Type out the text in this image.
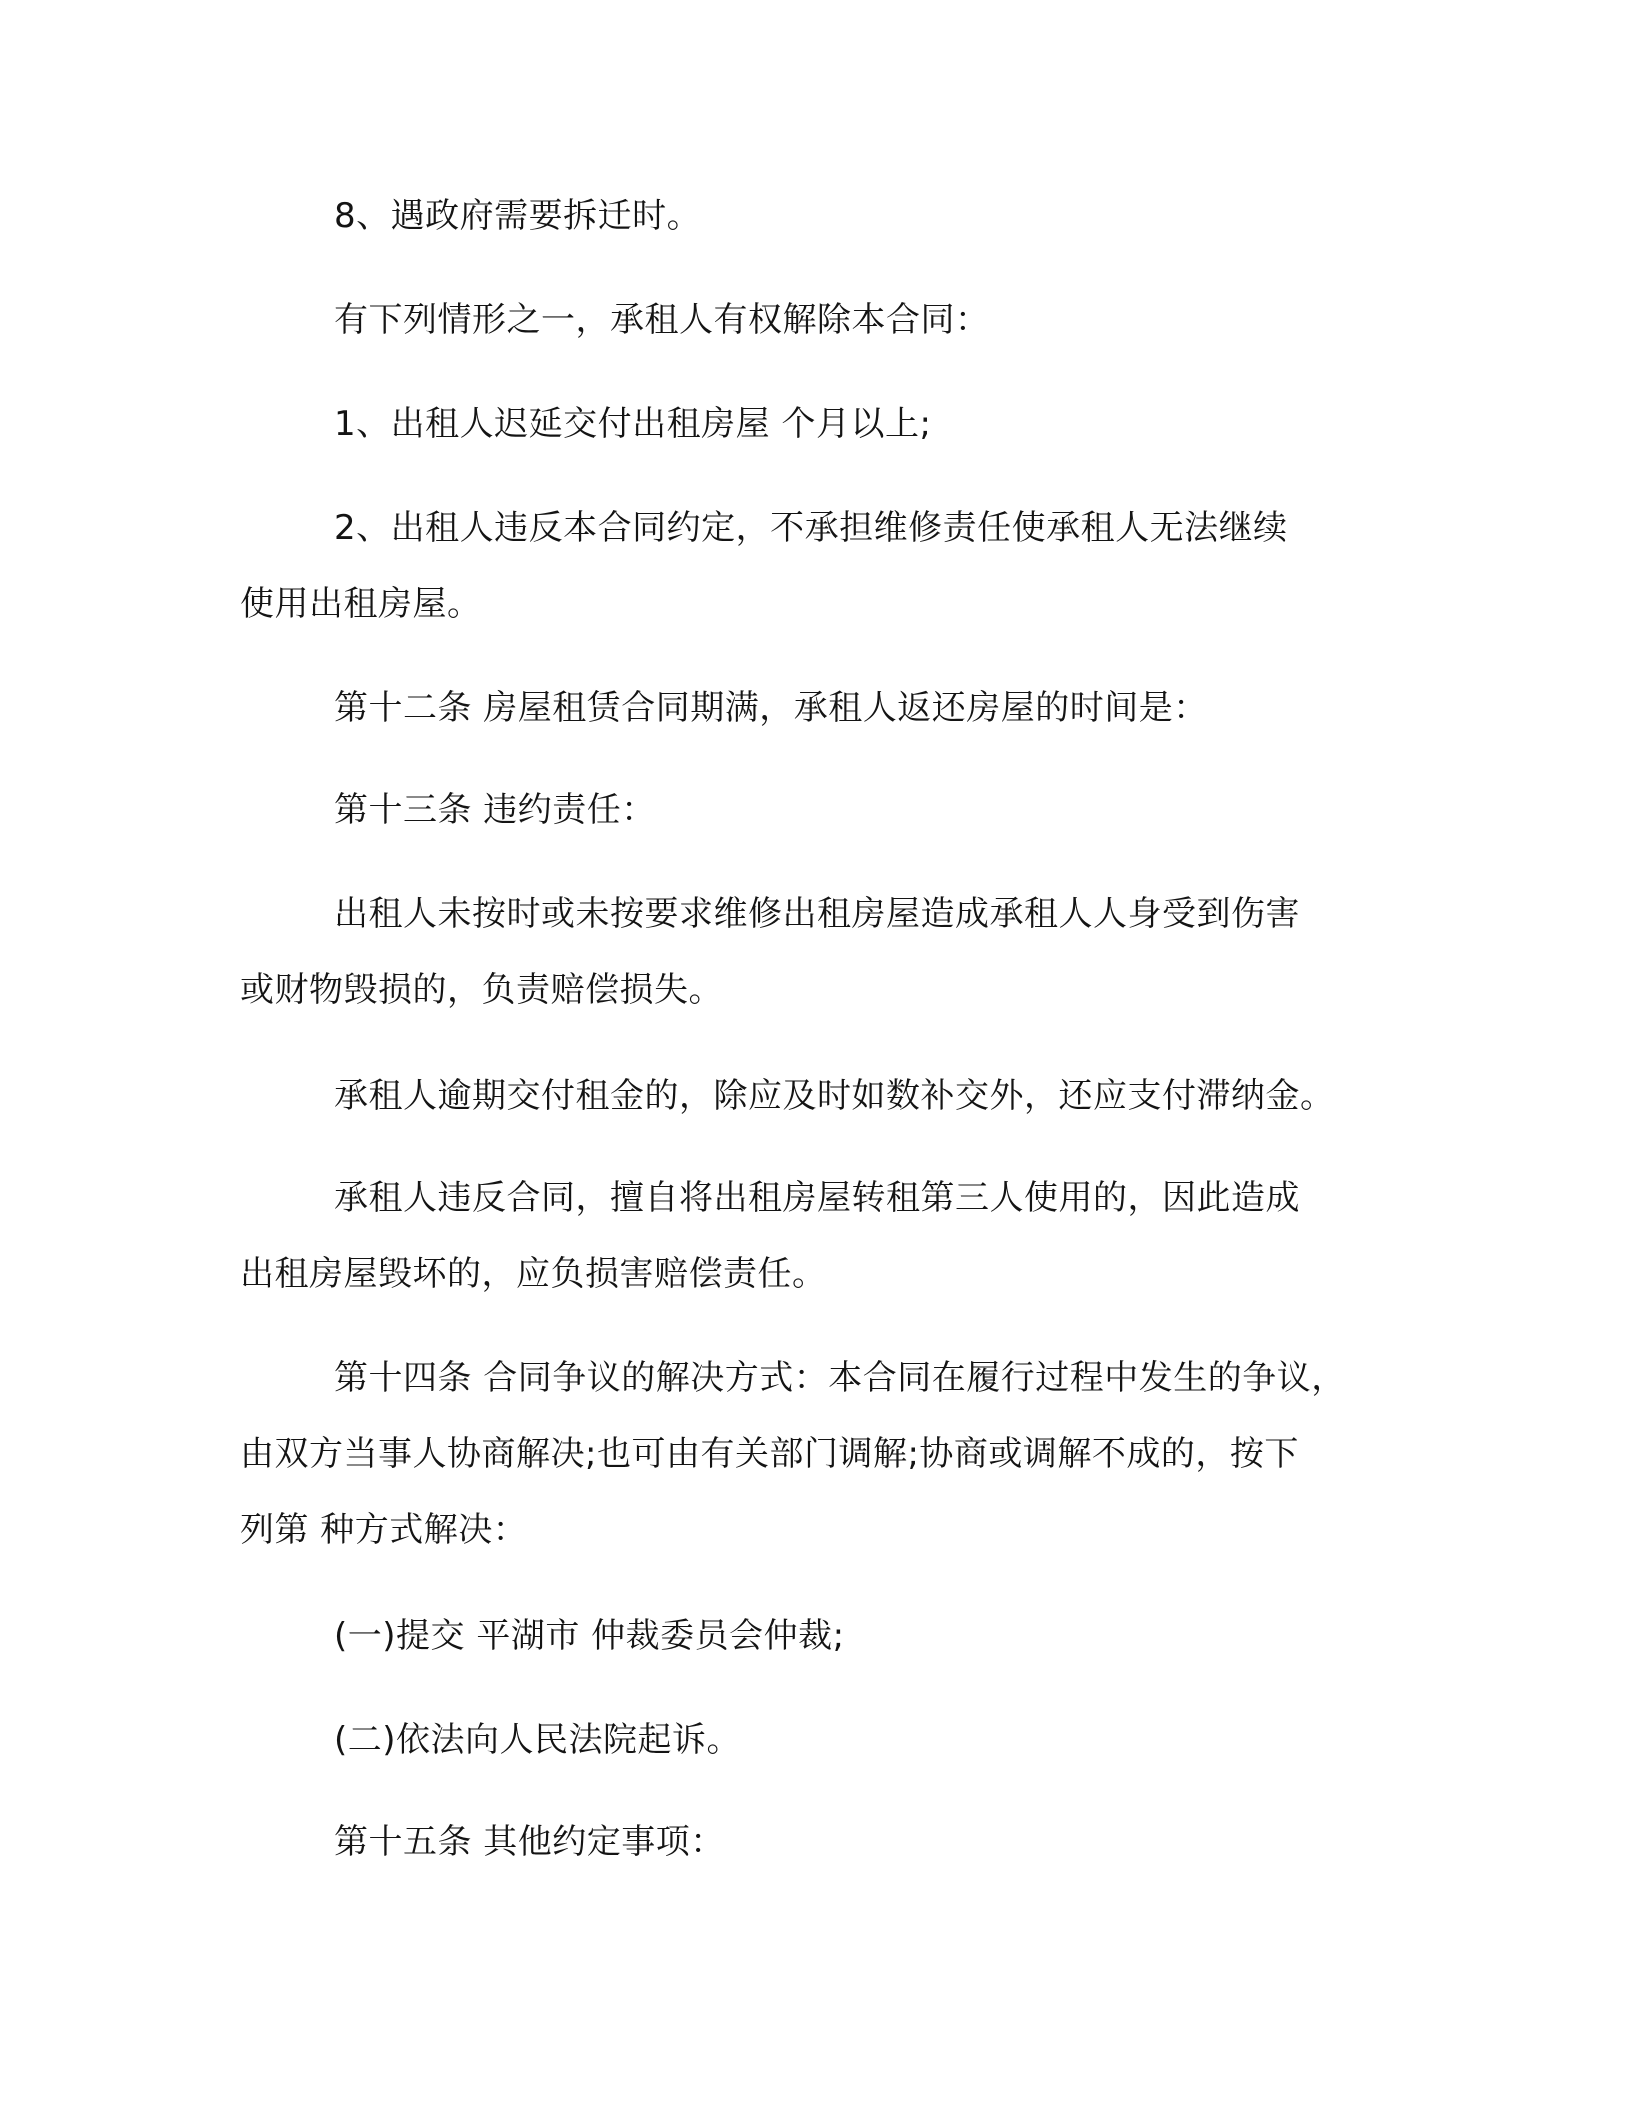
8、遇政府需要拆迁时。

有下列情形之一，承租人有权解除本合同：

1、出租人迟延交付出租房屋 个月以上;

2、出租人违反本合同约定，不承担维修责任使承租人无法继续

使用出租房屋。

第十二条 房屋租赁合同期满，承租人返还房屋的时间是：

第十三条 违约责任：

出租人未按时或未按要求维修出租房屋造成承租人人身受到伤害

或财物毁损的，负责赔偿损失。

承租人逾期交付租金的，除应及时如数补交外，还应支付滞纳金。

承租人违反合同，擅自将出租房屋转租第三人使用的，因此造成

出租房屋毁坏的，应负损害赔偿责任。

第十四条 合同争议的解决方式：本合同在履行过程中发生的争议，

由双方当事人协商解决;也可由有关部门调解;协商或调解不成的，按下

列第 种方式解决：

(一)提交 平湖市 仲裁委员会仲裁;

(二)依法向人民法院起诉。

第十五条 其他约定事项：
